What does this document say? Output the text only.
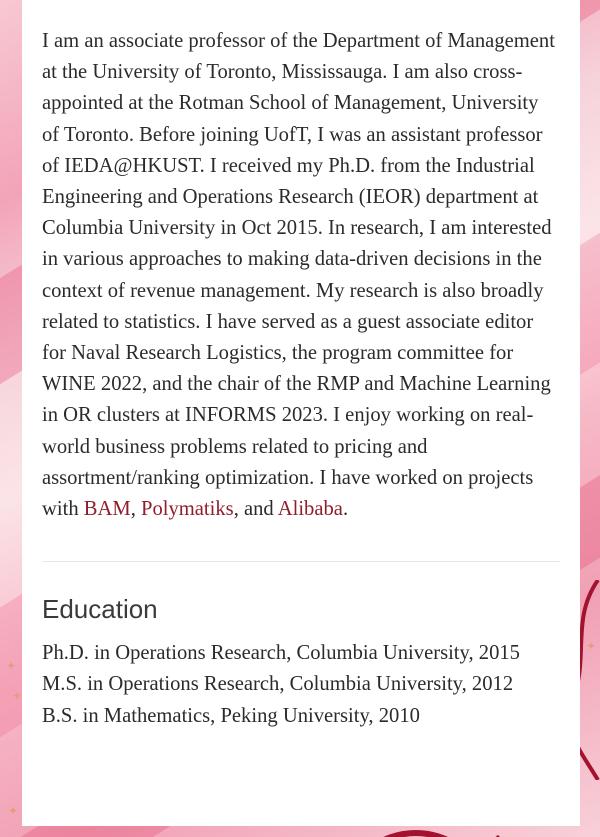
✦
✦
✦
✦

I am an associate professor of the Department of Management at the University of Toronto, Mississauga. I am also cross-appointed at the Rotman School of Management, University of Toronto. Before joining UofT, I was an assistant professor of IEDA@HKUST. I received my Ph.D. from the Industrial Engineering and Operations Research (IEOR) department at Columbia University in Oct 2015. In research, I am interested in various approaches to making data-driven decisions in the context of revenue management. My research is also broadly related to statistics. I have served as a guest associate editor for Naval Research Logistics, the program committee for WINE 2022, and the chair of the RMP and Machine Learning in OR clusters at INFORMS 2023. I enjoy working on real-world business problems related to pricing and assortment/ranking optimization. I have worked on projects with BAM, Polymatiks, and Alibaba.

Education
Ph.D. in Operations Research, Columbia University, 2015
M.S. in Operations Research, Columbia University, 2012
B.S. in Mathematics, Peking University, 2010
